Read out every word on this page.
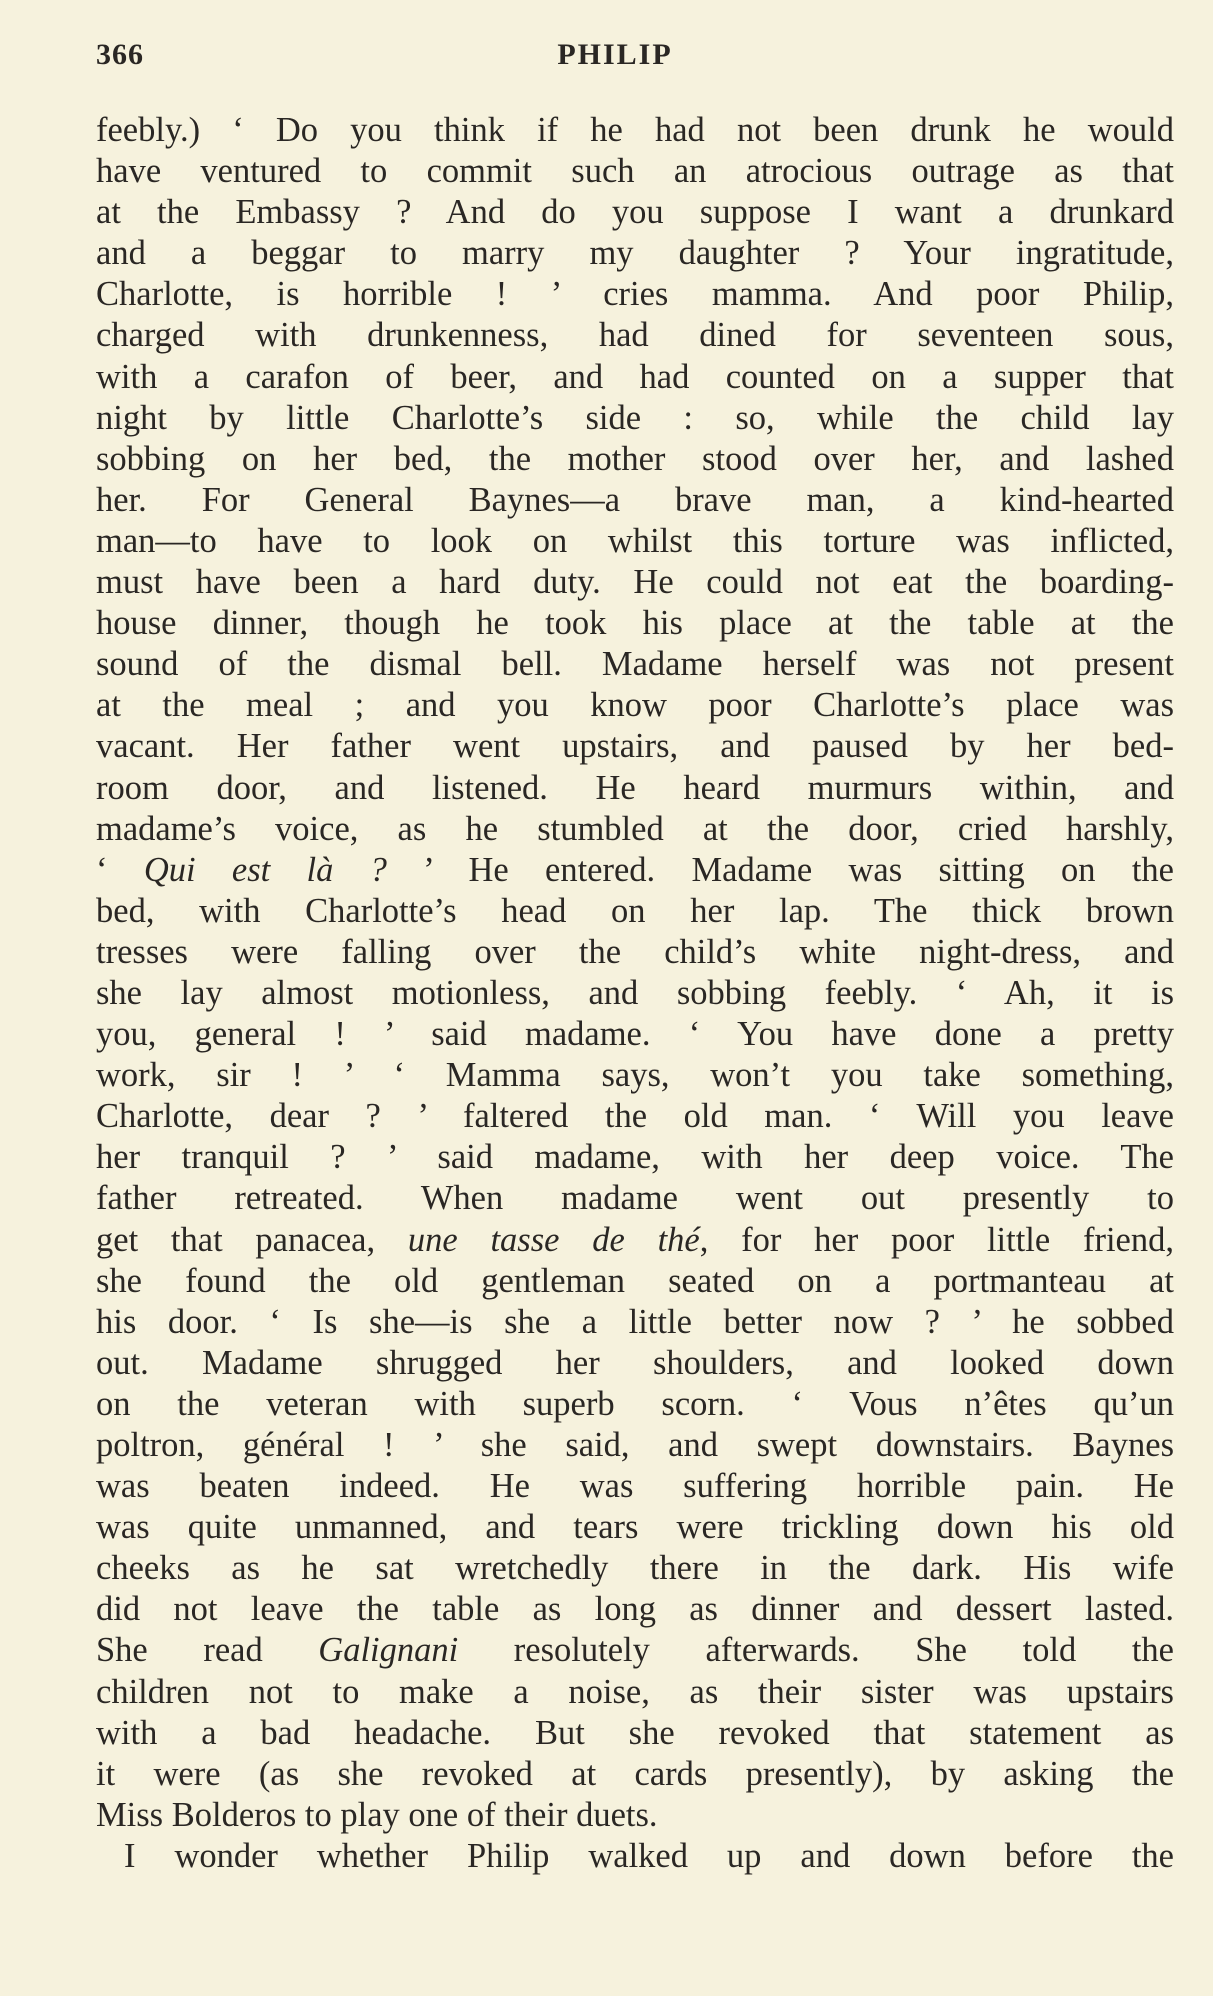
366	PHILIP
feebly.) ‘ Do you think if he had not been drunk he would
have ventured to commit such an atrocious outrage as that
at the Embassy ? And do you suppose I want a drunkard
and a beggar to marry my daughter ? Your ingratitude,
Charlotte, is horrible ! ’ cries mamma. And poor Philip,
charged with drunkenness, had dined for seventeen sous,
with a carafon of beer, and had counted on a supper that
night by little Charlotte’s side : so, while the child lay
sobbing on her bed, the mother stood over her, and lashed
her. For General Baynes—a brave man, a kind-hearted
man—to have to look on whilst this torture was inflicted,
must have been a hard duty. He could not eat the boarding-
house dinner, though he took his place at the table at the
sound of the dismal bell. Madame herself was not present
at the meal ; and you know poor Charlotte’s place was
vacant. Her father went upstairs, and paused by her bed-
room door, and listened. He heard murmurs within, and
madame’s voice, as he stumbled at the door, cried harshly,
‘ Qui est là ? ’ He entered. Madame was sitting on the
bed, with Charlotte’s head on her lap. The thick brown
tresses were falling over the child’s white night-dress, and
she lay almost motionless, and sobbing feebly. ‘ Ah, it is
you, general ! ’ said madame. ‘ You have done a pretty
work, sir ! ’ ‘ Mamma says, won’t you take something,
Charlotte, dear ? ’ faltered the old man. ‘ Will you leave
her tranquil ? ’ said madame, with her deep voice. The
father retreated. When madame went out presently to
get that panacea, une tasse de thé, for her poor little friend,
she found the old gentleman seated on a portmanteau at
his door. ‘ Is she—is she a little better now ? ’ he sobbed
out. Madame shrugged her shoulders, and looked down
on the veteran with superb scorn. ‘ Vous n’êtes qu’un
poltron, général ! ’ she said, and swept downstairs. Baynes
was beaten indeed. He was suffering horrible pain. He
was quite unmanned, and tears were trickling down his old
cheeks as he sat wretchedly there in the dark. His wife
did not leave the table as long as dinner and dessert lasted.
She read Galignani resolutely afterwards. She told the
children not to make a noise, as their sister was upstairs
with a bad headache. But she revoked that statement as
it were (as she revoked at cards presently), by asking the
Miss Bolderos to play one of their duets.
I wonder whether Philip walked up and down before the
